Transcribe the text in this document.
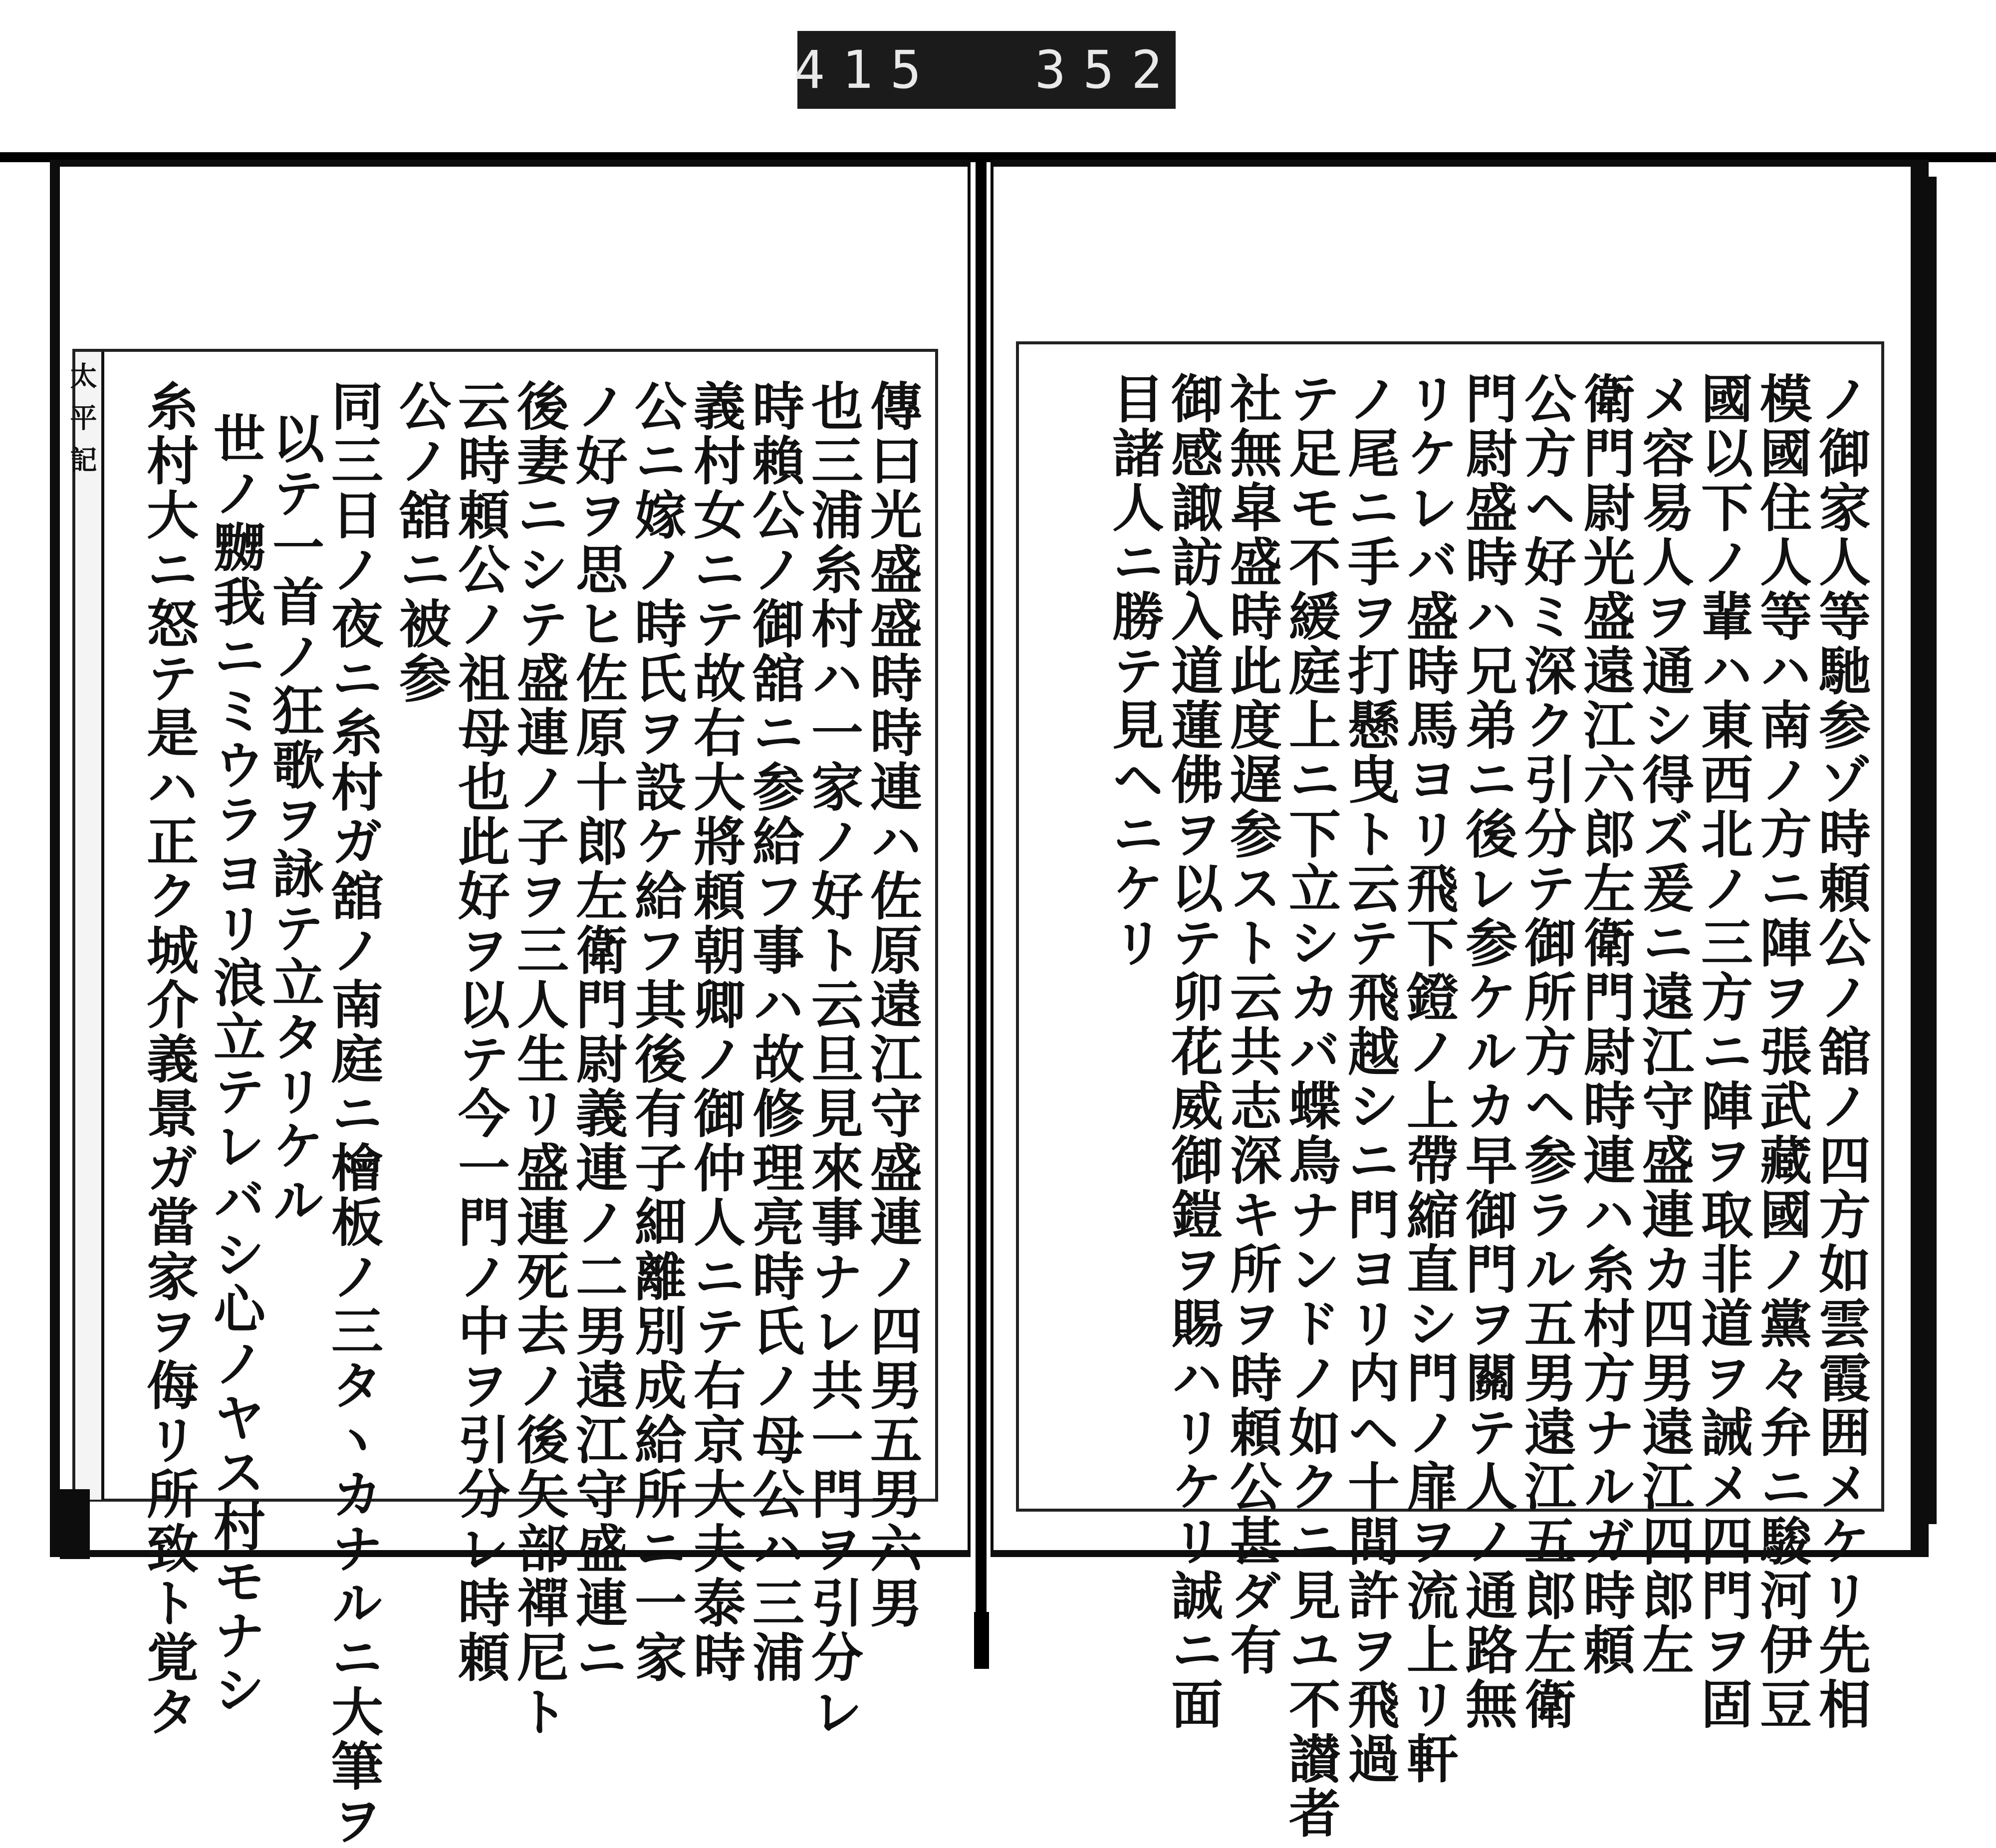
415  352
太平記	傳曰光盛盛時時連ハ佐原遠江守盛連ノ四男五男六男
也三浦糸村ハ一家ノ好ト云旦見來事ナレ共一門ヲ引分レ
時賴公ノ御舘ニ参給フ事ハ故修理亮時氏ノ母公ハ三浦
義村女ニテ故右大將頼朝卿ノ御仲人ニテ右京大夫泰時
公ニ嫁ノ時氏ヲ設ケ給フ其後有子細離別成給所ニ一家
ノ好ヲ思ヒ佐原十郎左衛門尉義連ノ二男遠江守盛連ニ
後妻ニシテ盛連ノ子ヲ三人生リ盛連死去ノ後矢部禪尼ト
云時頼公ノ祖母也此好ヲ以テ今一門ノ中ヲ引分レ時頼
公ノ舘ニ被参
同三日ノ夜ニ糸村ガ舘ノ南庭ニ檜板ノ三タヽカナルニ大筆ヲ
以テ一首ノ狂歌ヲ詠テ立タリケル
世ノ嬲我ニミウラヨリ浪立テレバシ心ノヤス村モナシ
糸村大ニ怒テ是ハ正ク城介義景ガ當家ヲ侮リ所致ト覚タ	ノ御家人等馳参ゾ時頼公ノ舘ノ四方如雲霞囲メケリ先相
模國住人等ハ南ノ方ニ陣ヲ張武藏國ノ黨々弁ニ駿河伊豆
國以下ノ輩ハ東西北ノ三方ニ陣ヲ取非道ヲ誡メ四門ヲ固
メ容易人ヲ通シ得ズ爰ニ遠江守盛連カ四男遠江四郎左
衛門尉光盛遠江六郎左衛門尉時連ハ糸村方ナルガ時頼
公方ヘ好ミ深ク引分テ御所方ヘ参ラル五男遠江五郎左衛
門尉盛時ハ兄弟ニ後レ参ケルカ早御門ヲ關テ人ノ通路無
リケレバ盛時馬ヨリ飛下鐙ノ上帶縮直シ門ノ扉ヲ流上リ軒
ノ尾ニ手ヲ打懸曳ト云テ飛越シニ門ヨリ内ヘ十間許ヲ飛過
テ足モ不緩庭上ニ下立シカバ蝶鳥ナンドノ如クニ見ユ不讃者
社無皐盛時此度遅参スト云共志深キ所ヲ時頼公甚ダ有
御感諏訪入道蓮佛ヲ以テ卯花威御鎧ヲ賜ハリケリ誠ニ面
目諸人ニ勝テ見ヘニケリ
